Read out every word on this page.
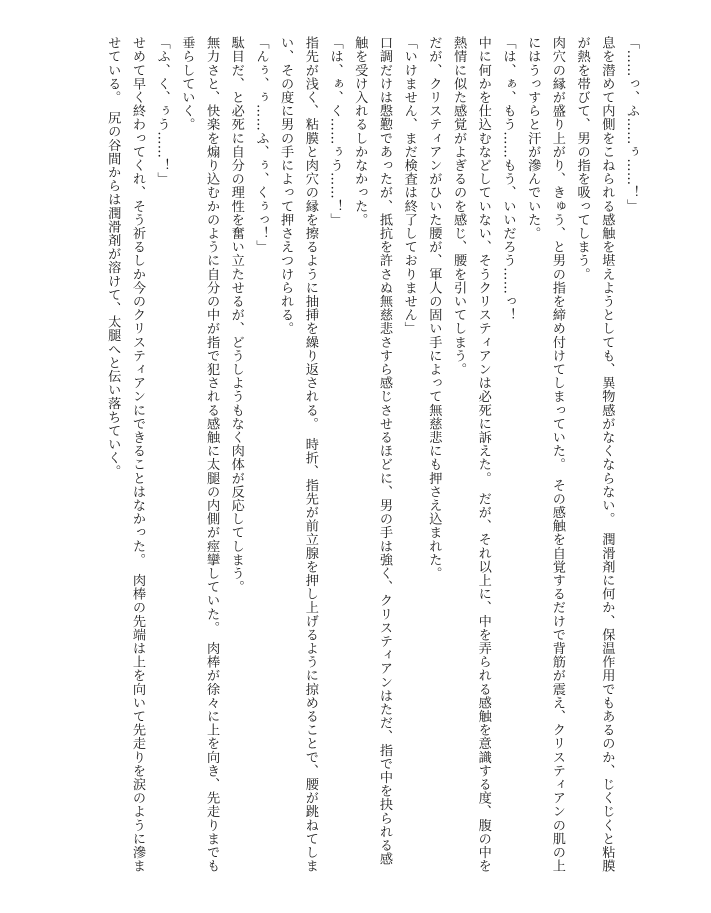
「……っ、ふ……ぅ……！」

息を潜めて内側をこねられる感触を堪えようとしても、異物感がなくならない。　潤滑剤に何か、保温作用でもあるのか、じくじくと粘膜が熱を帯びて、男の指を吸ってしまう。

肉穴の縁が盛り上がり、きゅう、と男の指を締め付けてしまっていた。　その感触を自覚するだけで背筋が震え、クリスティアンの肌の上にはうっすらと汗が滲んでいた。

「は、ぁ、もう……もう、いいだろう……っ！

中に何かを仕込むなどしていない、そうクリスティアンは必死に訴えた。　だが、それ以上に、中を弄られる感触を意識する度、腹の中を熱情に似た感覚がよぎるのを感じ、腰を引いてしまう。

だが、クリスティアンがひいた腰が、軍人の固い手によって無慈悲にも押さえ込まれた。

「いけません、まだ検査は終了しておりません」

口調だけは慇懃であったが、抵抗を許さぬ無慈悲さすら感じさせるほどに、男の手は強く、クリスティアンはただ、指で中を抉られる感触を受け入れるしかなかった。

「は、ぁ、く……ぅう……！」

指先が浅く、粘膜と肉穴の縁を擦るように抽挿を繰り返される。　時折、指先が前立腺を押し上げるように掠めることで、腰が跳ねてしまい、その度に男の手によって押さえつけられる。

「んぅ、ぅ……ふ、ぅ、くぅっ！」

駄目だ、と必死に自分の理性を奮い立たせるが、どうしようもなく肉体が反応してしまう。

無力さと、快楽を煽り込むかのように自分の中が指で犯される感触に太腿の内側が痙攣していた。　肉棒が徐々に上を向き、先走りまでも垂らしていく。

「ふ、く、ぅう……！」

せめて早く終わってくれ、そう祈るしか今のクリスティアンにできることはなかった。　肉棒の先端は上を向いて先走りを涙のように滲ませている。　尻の谷間からは潤滑剤が溶けて、太腿へと伝い落ちていく。
